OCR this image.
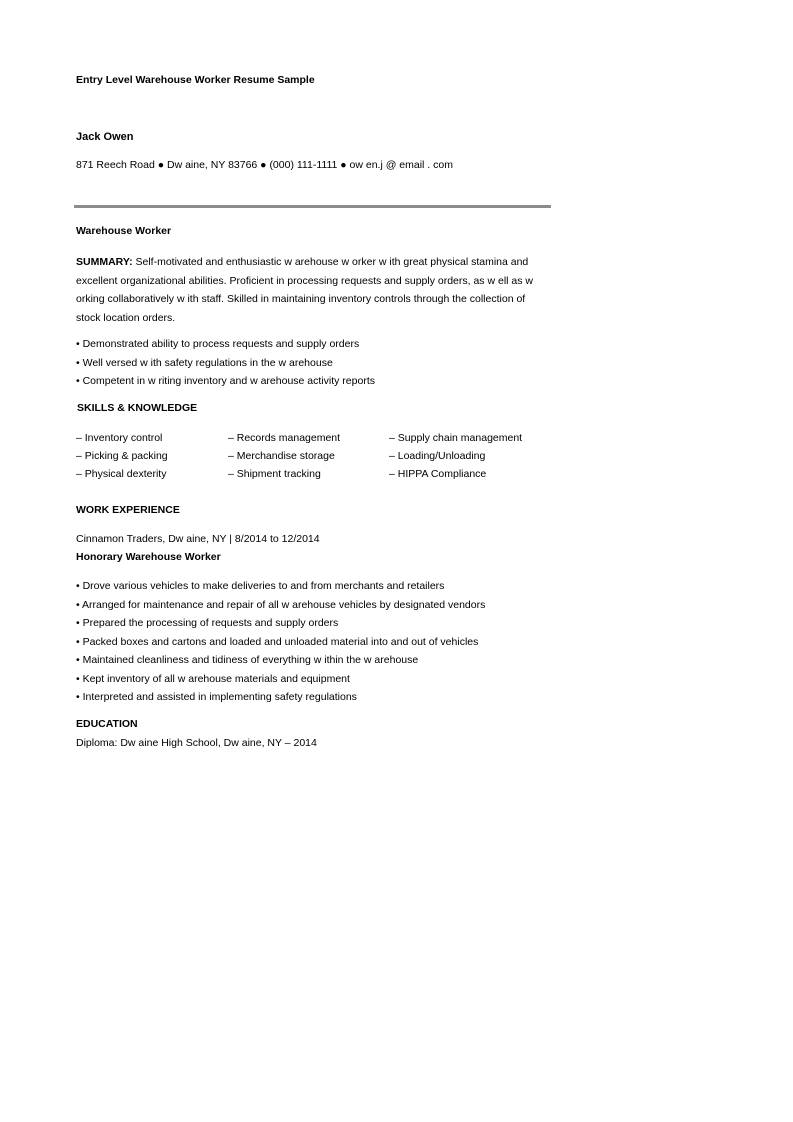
Entry Level Warehouse Worker Resume Sample
Jack Owen
871 Reech Road ● Dw aine, NY 83766 ● (000) 111-1111 ● ow en.j @ email . com
Warehouse Worker
SUMMARY: Self-motivated and enthusiastic w arehouse w orker w ith great physical stamina and excellent organizational abilities. Proficient in processing requests and supply orders, as w ell as w orking collaboratively w ith staff. Skilled in maintaining inventory controls through the collection of stock location orders.
• Demonstrated ability to process requests and supply orders
• Well versed w ith safety regulations in the w arehouse
• Competent in w riting inventory and w arehouse activity reports
SKILLS & KNOWLEDGE
– Inventory control	– Records management	– Supply chain management
– Picking & packing	– Merchandise storage	– Loading/Unloading
– Physical dexterity	– Shipment tracking	– HIPPA Compliance
WORK EXPERIENCE
Cinnamon Traders, Dw aine, NY | 8/2014 to 12/2014
Honorary Warehouse Worker
• Drove various vehicles to make deliveries to and from merchants and retailers
• Arranged for maintenance and repair of all w arehouse vehicles by designated vendors
• Prepared the processing of requests and supply orders
• Packed boxes and cartons and loaded and unloaded material into and out of vehicles
• Maintained cleanliness and tidiness of everything w ithin the w arehouse
• Kept inventory of all w arehouse materials and equipment
• Interpreted and assisted in implementing safety regulations
EDUCATION
Diploma: Dw aine High School, Dw aine, NY – 2014
